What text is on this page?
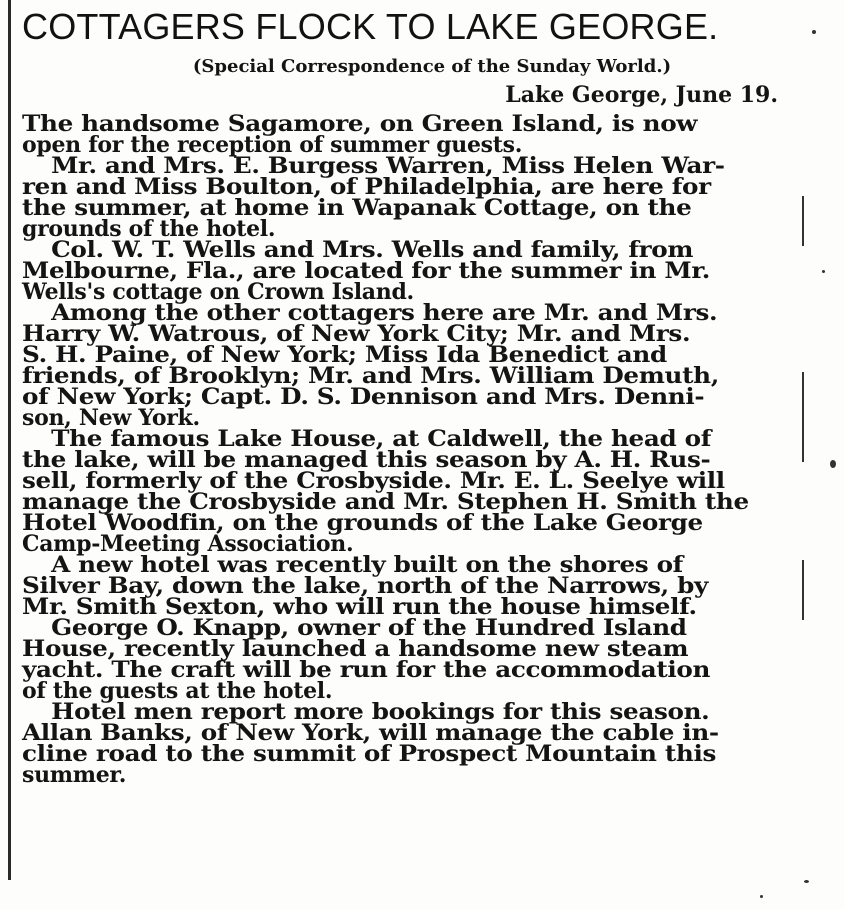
COTTAGERS FLOCK TO LAKE GEORGE.
(Special Correspondence of the Sunday World.)
Lake George, June 19.
The handsome Sagamore, on Green Island, is now
open for the reception of summer guests.
Mr. and Mrs. E. Burgess Warren, Miss Helen War-
ren and Miss Boulton, of Philadelphia, are here for
the summer, at home in Wapanak Cottage, on the
grounds of the hotel.
Col. W. T. Wells and Mrs. Wells and family, from
Melbourne, Fla., are located for the summer in Mr.
Wells's cottage on Crown Island.
Among the other cottagers here are Mr. and Mrs.
Harry W. Watrous, of New York City; Mr. and Mrs.
S. H. Paine, of New York; Miss Ida Benedict and
friends, of Brooklyn; Mr. and Mrs. William Demuth,
of New York; Capt. D. S. Dennison and Mrs. Denni-
son, New York.
The famous Lake House, at Caldwell, the head of
the lake, will be managed this season by A. H. Rus-
sell, formerly of the Crosbyside. Mr. E. L. Seelye will
manage the Crosbyside and Mr. Stephen H. Smith the
Hotel Woodfin, on the grounds of the Lake George
Camp-Meeting Association.
A new hotel was recently built on the shores of
Silver Bay, down the lake, north of the Narrows, by
Mr. Smith Sexton, who will run the house himself.
George O. Knapp, owner of the Hundred Island
House, recently launched a handsome new steam
yacht. The craft will be run for the accommodation
of the guests at the hotel.
Hotel men report more bookings for this season.
Allan Banks, of New York, will manage the cable in-
cline road to the summit of Prospect Mountain this
summer.
